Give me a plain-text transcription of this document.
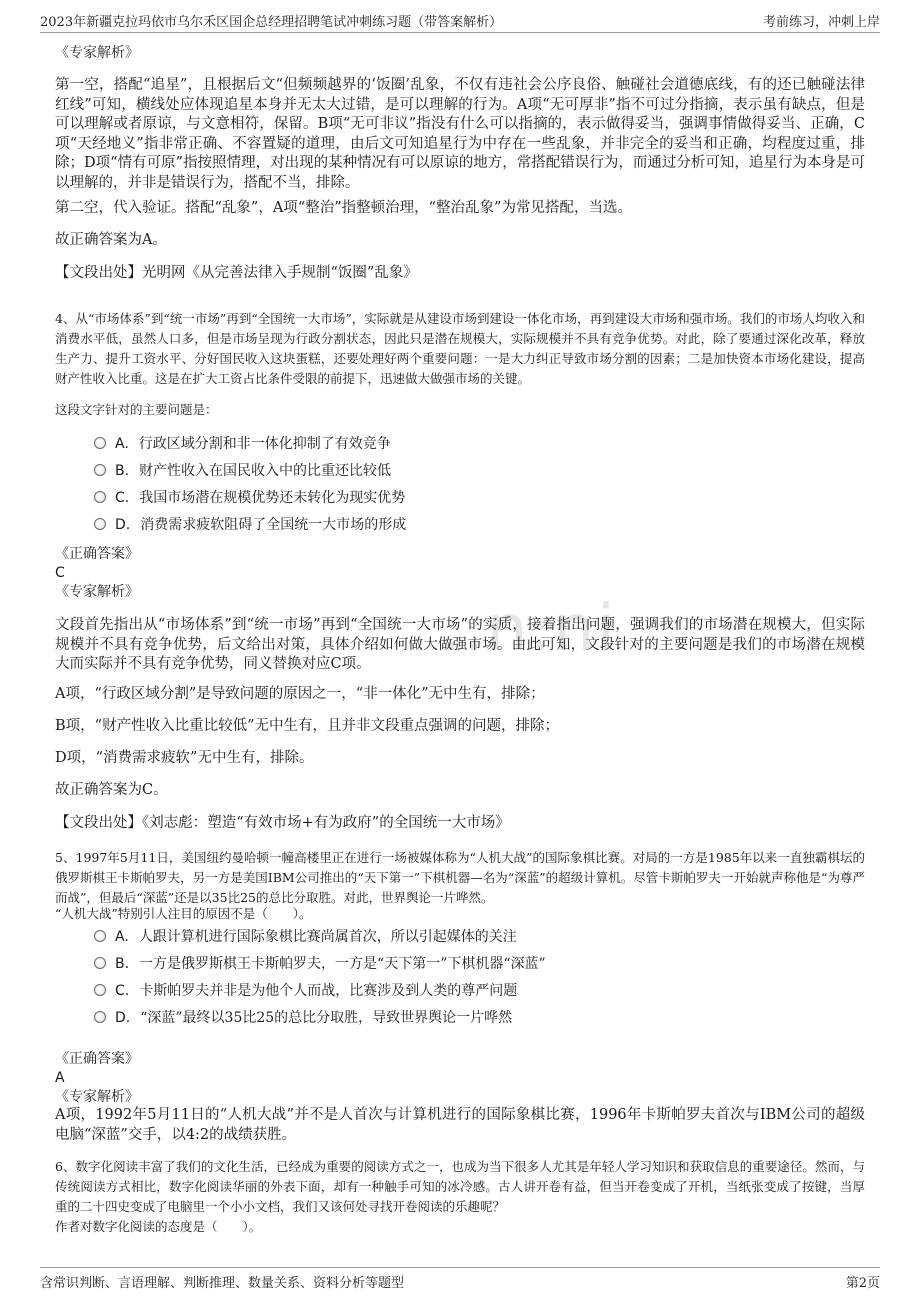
2023年新疆克拉玛依市乌尔禾区国企总经理招聘笔试冲刺练习题（带答案解析）	考前练习，冲刺上岸
..n.ni
《专家解析》

第一空，搭配“追星”，且根据后文“但频频越界的‘饭圈’乱象，不仅有违社会公序良俗、触碰社会道德底线，有的还已触碰法律红线”可知，横线处应体现追星本身并无太大过错，是可以理解的行为。A项“无可厚非”指不可过分指摘，表示虽有缺点，但是可以理解或者原谅，与文意相符，保留。B项“无可非议”指没有什么可以指摘的，表示做得妥当，强调事情做得妥当、正确，C项“天经地义”指非常正确、不容置疑的道理，由后文可知追星行为中存在一些乱象，并非完全的妥当和正确，均程度过重，排除；D项“情有可原”指按照情理，对出现的某种情况有可以原谅的地方，常搭配错误行为，而通过分析可知，追星行为本身是可以理解的，并非是错误行为，搭配不当，排除。

第二空，代入验证。搭配“乱象”，A项“整治”指整顿治理，“整治乱象”为常见搭配，当选。

故正确答案为A。

【文段出处】光明网《从完善法律入手规制“饭圈”乱象》

4、从“市场体系”到“统一市场”再到“全国统一大市场”，实际就是从建设市场到建设一体化市场，再到建设大市场和强市场。我们的市场人均收入和消费水平低，虽然人口多，但是市场呈现为行政分割状态，因此只是潜在规模大，实际规模并不具有竞争优势。对此，除了要通过深化改革，释放生产力、提升工资水平、分好国民收入这块蛋糕，还要处理好两个重要问题：一是大力纠正导致市场分割的因素；二是加快资本市场化建设，提高财产性收入比重。这是在扩大工资占比条件受限的前提下，迅速做大做强市场的关键。

这段文字针对的主要问题是：
A. 行政区域分割和非一体化抑制了有效竞争
B. 财产性收入在国民收入中的比重还比较低
C. 我国市场潜在规模优势还未转化为现实优势
D. 消费需求疲软阻碍了全国统一大市场的形成
《正确答案》
C
《专家解析》

文段首先指出从“市场体系”到“统一市场”再到“全国统一大市场”的实质，接着指出问题，强调我们的市场潜在规模大，但实际规模并不具有竞争优势，后文给出对策，具体介绍如何做大做强市场。由此可知，文段针对的主要问题是我们的市场潜在规模大而实际并不具有竞争优势，同义替换对应C项。

A项，“行政区域分割”是导致问题的原因之一，“非一体化”无中生有，排除；

B项，“财产性收入比重比较低”无中生有，且并非文段重点强调的问题，排除；

D项，“消费需求疲软”无中生有，排除。

故正确答案为C。

【文段出处】《刘志彪：塑造“有效市场+有为政府”的全国统一大市场》

5、1997年5月11日，美国纽约曼哈顿一幢高楼里正在进行一场被媒体称为“人机大战”的国际象棋比赛。对局的一方是1985年以来一直独霸棋坛的俄罗斯棋王卡斯帕罗夫，另一方是美国IBM公司推出的“天下第一”下棋机器—名为“深蓝”的超级计算机。尽管卡斯帕罗夫一开始就声称他是“为尊严而战”，但最后“深蓝”还是以35比25的总比分取胜。对此，世界舆论一片哗然。

“人机大战”特别引人注目的原因不是（　　）。
A. 人跟计算机进行国际象棋比赛尚属首次，所以引起媒体的关注
B. 一方是俄罗斯棋王卡斯帕罗夫，一方是“天下第一”下棋机器“深蓝”
C. 卡斯帕罗夫并非是为他个人而战，比赛涉及到人类的尊严问题
D. “深蓝”最终以35比25的总比分取胜，导致世界舆论一片哗然
《正确答案》
A
《专家解析》

A项，1992年5月11日的“人机大战”并不是人首次与计算机进行的国际象棋比赛，1996年卡斯帕罗夫首次与IBM公司的超级电脑“深蓝”交手，以4:2的战绩获胜。

6、数字化阅读丰富了我们的文化生活，已经成为重要的阅读方式之一，也成为当下很多人尤其是年轻人学习知识和获取信息的重要途径。然而，与传统阅读方式相比，数字化阅读华丽的外表下面，却有一种触手可知的冰冷感。古人讲开卷有益，但当开卷变成了开机，当纸张变成了按键，当厚重的二十四史变成了电脑里一个小小文档，我们又该何处寻找开卷阅读的乐趣呢？

作者对数字化阅读的态度是（　　）。
含常识判断、言语理解、判断推理、数量关系、资料分析等题型	第2页
